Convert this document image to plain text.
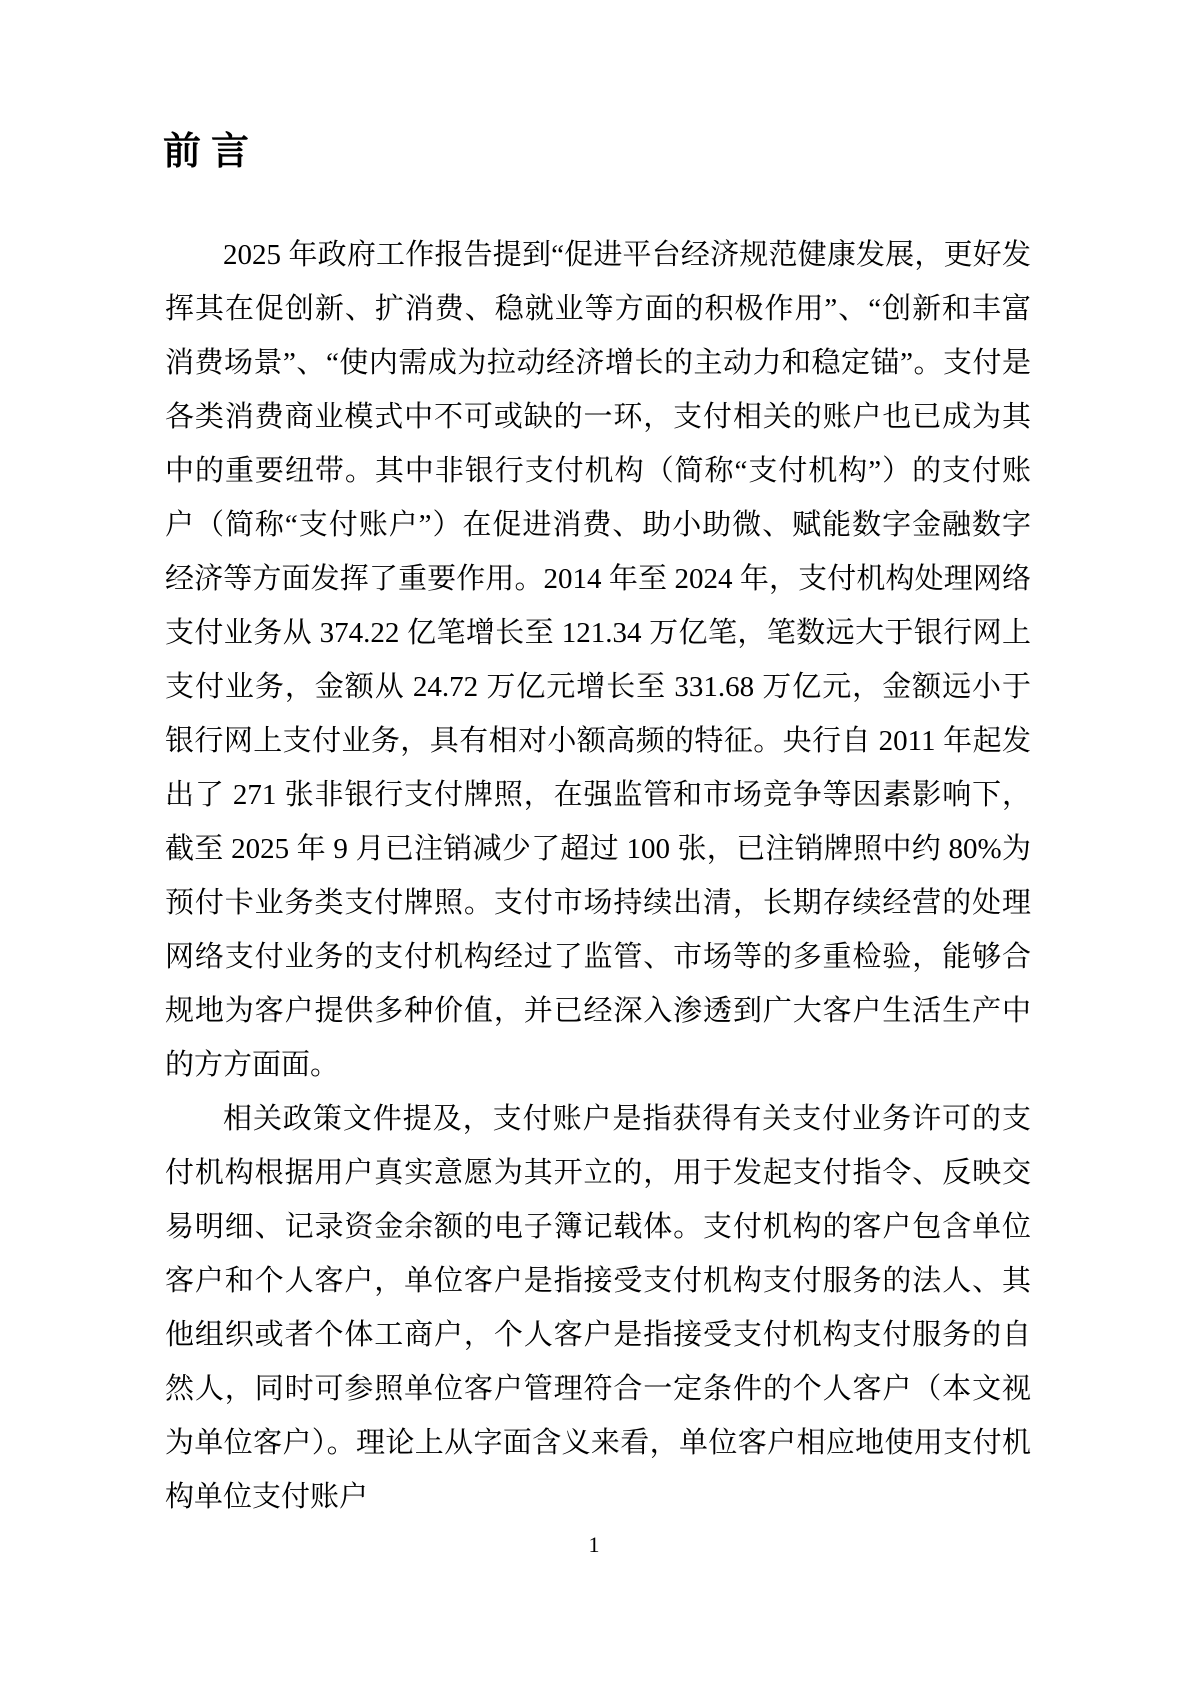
前言

2025 年政府工作报告提到“促进平台经济规范健康发展，更好发挥其在促创新、扩消费、稳就业等方面的积极作用”、“创新和丰富消费场景”、“使内需成为拉动经济增长的主动力和稳定锚”。支付是各类消费商业模式中不可或缺的一环，支付相关的账户也已成为其中的重要纽带。其中非银行支付机构（简称“支付机构”）的支付账户（简称“支付账户”）在促进消费、助小助微、赋能数字金融数字经济等方面发挥了重要作用。2014 年至 2024 年，支付机构处理网络支付业务从 374.22 亿笔增长至 121.34 万亿笔，笔数远大于银行网上支付业务，金额从 24.72 万亿元增长至 331.68 万亿元，金额远小于银行网上支付业务，具有相对小额高频的特征。央行自 2011 年起发出了 271 张非银行支付牌照，在强监管和市场竞争等因素影响下，截至 2025 年 9 月已注销减少了超过 100 张，已注销牌照中约 80%为预付卡业务类支付牌照。支付市场持续出清，长期存续经营的处理网络支付业务的支付机构经过了监管、市场等的多重检验，能够合规地为客户提供多种价值，并已经深入渗透到广大客户生活生产中的方方面面。

相关政策文件提及，支付账户是指获得有关支付业务许可的支付机构根据用户真实意愿为其开立的，用于发起支付指令、反映交易明细、记录资金余额的电子簿记载体。支付机构的客户包含单位客户和个人客户，单位客户是指接受支付机构支付服务的法人、其他组织或者个体工商户，个人客户是指接受支付机构支付服务的自然人，同时可参照单位客户管理符合一定条件的个人客户（本文视为单位客户）。理论上从字面含义来看，单位客户相应地使用支付机构单位支付账户

1
